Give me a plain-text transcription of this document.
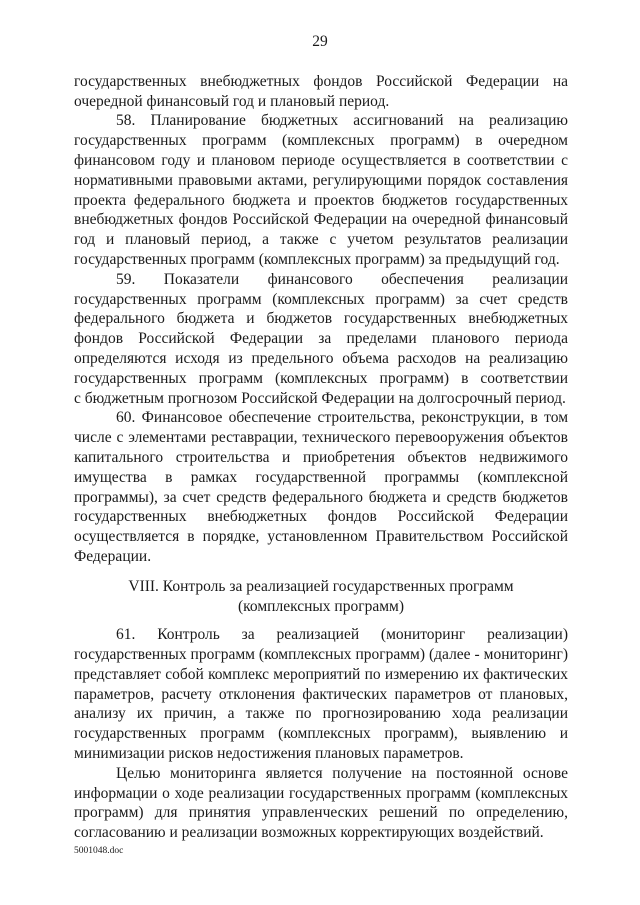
29
государственных внебюджетных фондов Российской Федерации на
очередной финансовый год и плановый период.
58. Планирование бюджетных ассигнований на реализацию
государственных программ (комплексных программ) в очередном
финансовом году и плановом периоде осуществляется в соответствии с
нормативными правовыми актами, регулирующими порядок составления
проекта федерального бюджета и проектов бюджетов государственных
внебюджетных фондов Российской Федерации на очередной финансовый
год и плановый период, а также с учетом результатов реализации
государственных программ (комплексных программ) за предыдущий год.
59. Показатели финансового обеспечения реализации
государственных программ (комплексных программ) за счет средств
федерального бюджета и бюджетов государственных внебюджетных
фондов Российской Федерации за пределами планового периода
определяются исходя из предельного объема расходов на реализацию
государственных программ (комплексных программ) в соответствии
с бюджетным прогнозом Российской Федерации на долгосрочный период.
60. Финансовое обеспечение строительства, реконструкции, в том
числе с элементами реставрации, технического перевооружения объектов
капитального строительства и приобретения объектов недвижимого
имущества в рамках государственной программы (комплексной
программы), за счет средств федерального бюджета и средств бюджетов
государственных внебюджетных фондов Российской Федерации
осуществляется в порядке, установленном Правительством Российской
Федерации.
VIII. Контроль за реализацией государственных программ
(комплексных программ)
61. Контроль за реализацией (мониторинг реализации)
государственных программ (комплексных программ) (далее - мониторинг)
представляет собой комплекс мероприятий по измерению их фактических
параметров, расчету отклонения фактических параметров от плановых,
анализу их причин, а также по прогнозированию хода реализации
государственных программ (комплексных программ), выявлению и
минимизации рисков недостижения плановых параметров.
Целью мониторинга является получение на постоянной основе
информации о ходе реализации государственных программ (комплексных
программ) для принятия управленческих решений по определению,
согласованию и реализации возможных корректирующих воздействий.
5001048.doc
